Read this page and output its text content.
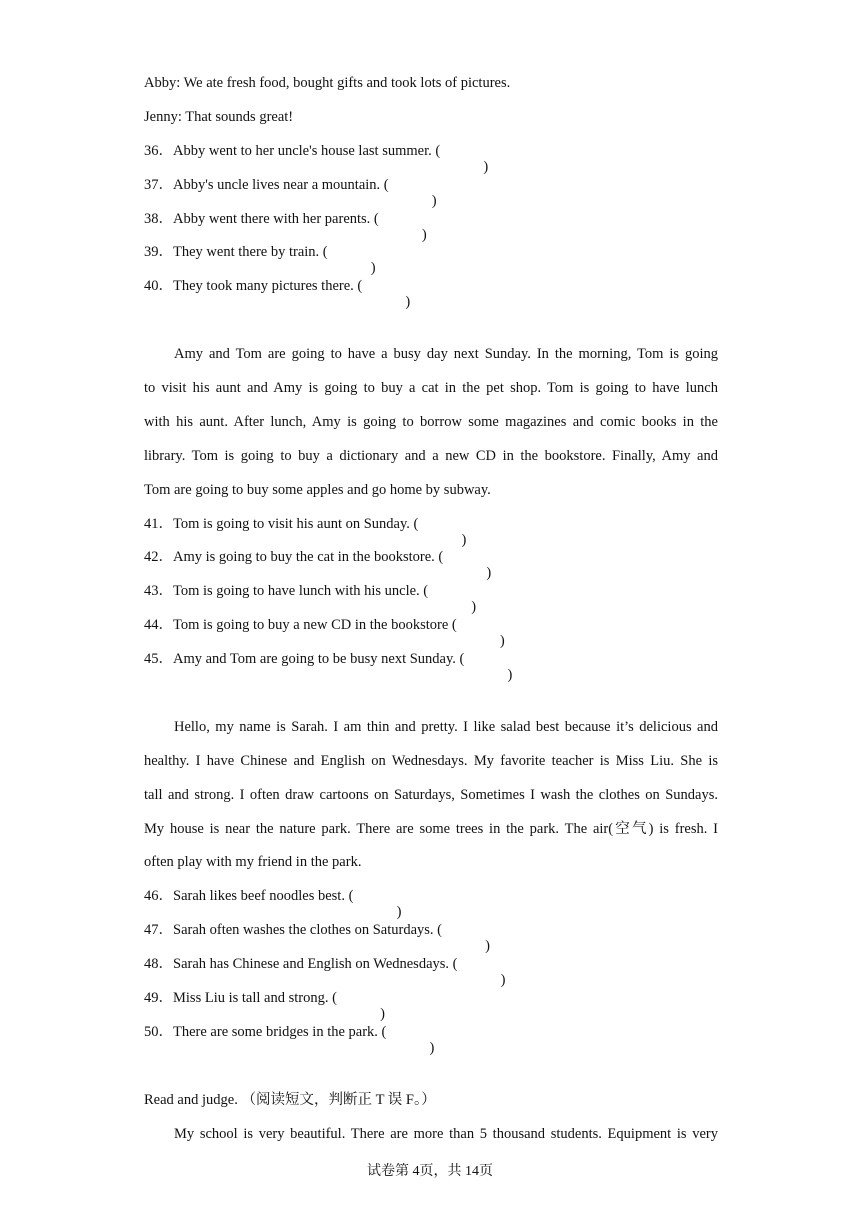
Abby: We ate fresh food, bought gifts and took lots of pictures.
Jenny: That sounds great!
36．Abby went to her uncle's house last summer. (
)
37．Abby's uncle lives near a mountain. (
)
38．Abby went there with her parents. (
)
39．They went there by train. (
)
40．They took many pictures there. (
)
Amy and Tom are going to have a busy day next Sunday. In the morning, Tom is going
to visit his aunt and Amy is going to buy a cat in the pet shop. Tom is going to have lunch
with his aunt. After lunch, Amy is going to borrow some magazines and comic books in the
library. Tom is going to buy a dictionary and a new CD in the bookstore. Finally, Amy and
Tom are going to buy some apples and go home by subway.
41．Tom is going to visit his aunt on Sunday. (
)
42．Amy is going to buy the cat in the bookstore. (
)
43．Tom is going to have lunch with his uncle. (
)
44．Tom is going to buy a new CD in the bookstore (
)
45．Amy and Tom are going to be busy next Sunday. (
)
Hello, my name is Sarah. I am thin and pretty. I like salad best because it’s delicious and
healthy. I have Chinese and English on Wednesdays. My favorite teacher is Miss Liu. She is
tall and strong. I often draw cartoons on Saturdays, Sometimes I wash the clothes on Sundays.
My house is near the nature park. There are some trees in the park. The air(空气) is fresh. I
often play with my friend in the park.
46．Sarah likes beef noodles best. (
)
47．Sarah often washes the clothes on Saturdays. (
)
48．Sarah has Chinese and English on Wednesdays. (
)
49．Miss Liu is tall and strong. (
)
50．There are some bridges in the park. (
)
Read and judge. （阅读短文，判断正 T 误 F。）
My school is very beautiful. There are more than 5 thousand students. Equipment is very
试卷第 4页，共 14页
